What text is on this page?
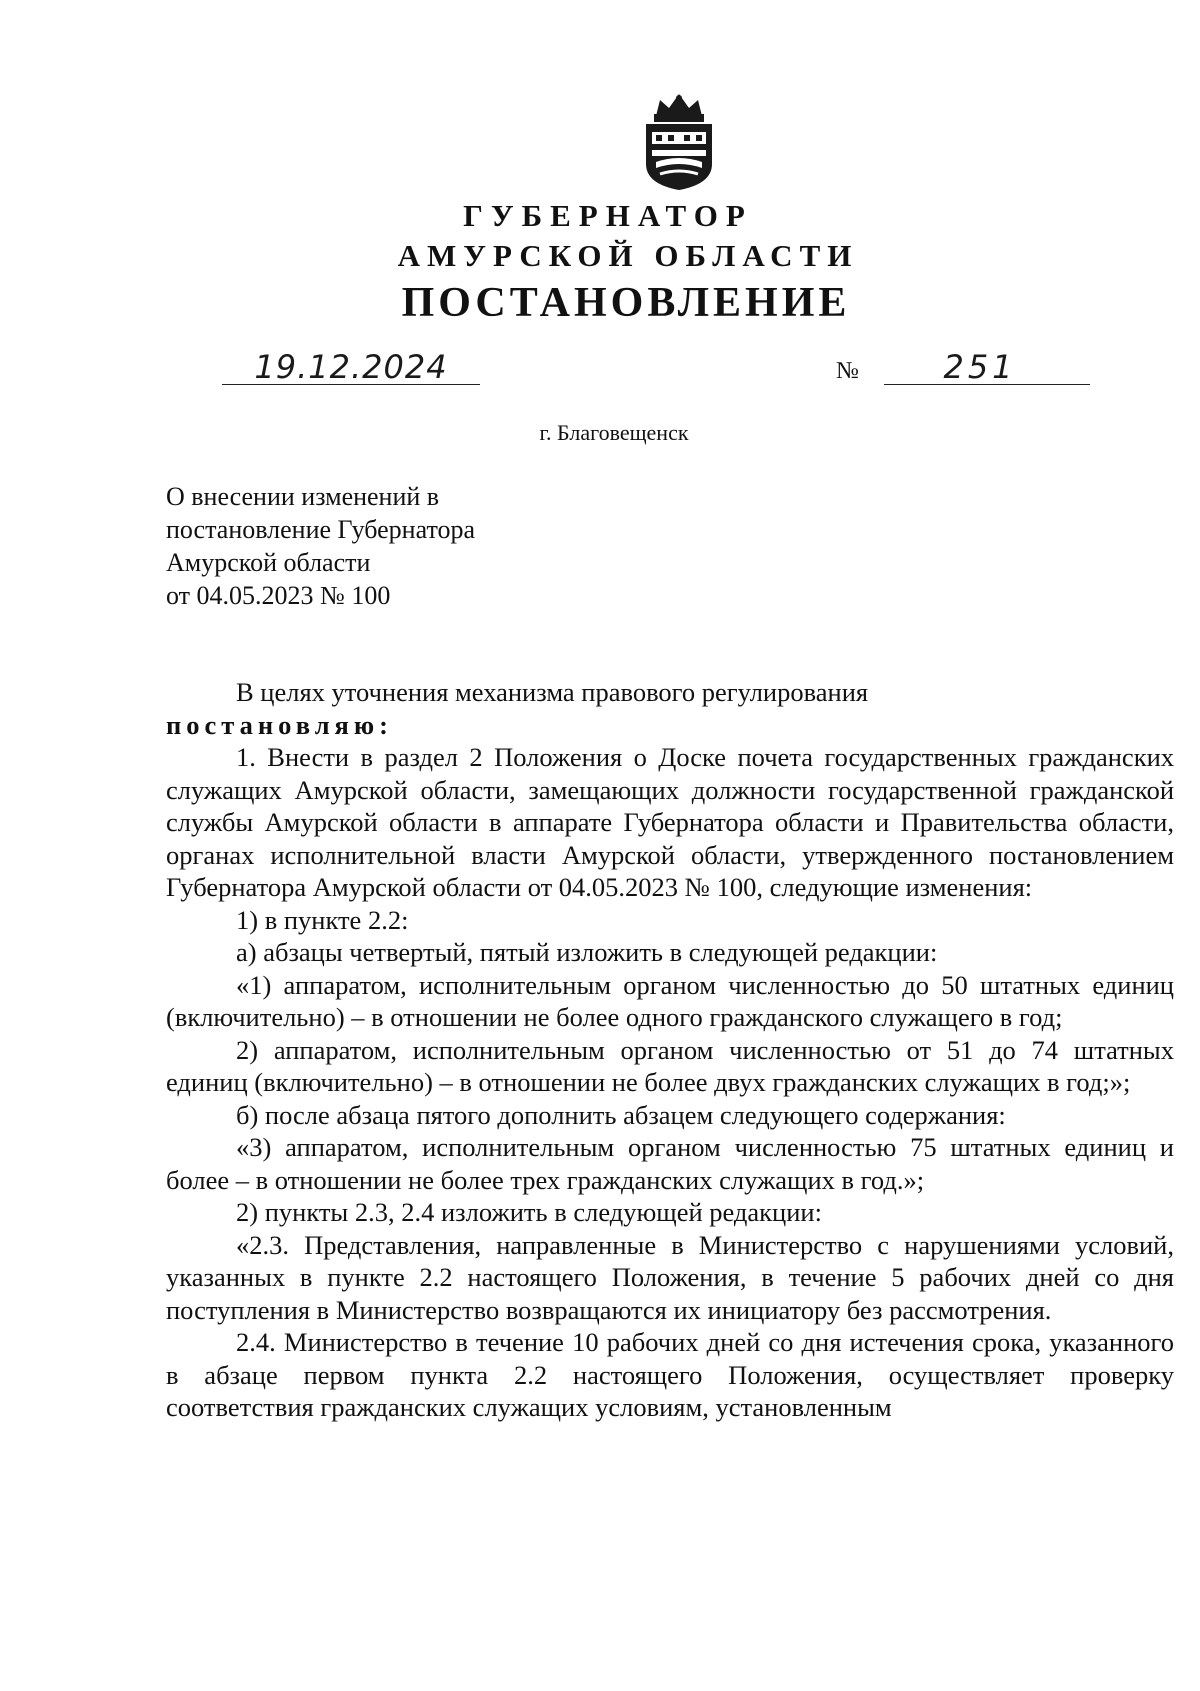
ГУБЕРНАТОР
АМУРСКОЙ ОБЛАСТИ
ПОСТАНОВЛЕНИЕ
19.12.2024	№	251
г. Благовещенск
О внесении изменений в
постановление Губернатора
Амурской области
от 04.05.2023 № 100

В целях уточнения механизма правового регулирования

постановляю:

1. Внести в раздел 2 Положения о Доске почета государственных гражданских служащих Амурской области, замещающих должности государственной гражданской службы Амурской области в аппарате Губернатора области и Правительства области, органах исполнительной власти Амурской области, утвержденного постановлением Губернатора Амурской области от 04.05.2023 № 100, следующие изменения:

1) в пункте 2.2:

а) абзацы четвертый, пятый изложить в следующей редакции:

«1) аппаратом, исполнительным органом численностью до 50 штатных единиц (включительно) – в отношении не более одного гражданского служащего в год;

2) аппаратом, исполнительным органом численностью от 51 до 74 штатных единиц (включительно) – в отношении не более двух гражданских служащих в год;»;

б) после абзаца пятого дополнить абзацем следующего содержания:

«3) аппаратом, исполнительным органом численностью 75 штатных единиц и более – в отношении не более трех гражданских служащих в год.»;

2) пункты 2.3, 2.4 изложить в следующей редакции:

«2.3. Представления, направленные в Министерство с нарушениями условий, указанных в пункте 2.2 настоящего Положения, в течение 5 рабочих дней со дня поступления в Министерство возвращаются их инициатору без рассмотрения.

2.4. Министерство в течение 10 рабочих дней со дня истечения срока, указанного в абзаце первом пункта 2.2 настоящего Положения, осуществляет проверку соответствия гражданских служащих условиям, установленным
